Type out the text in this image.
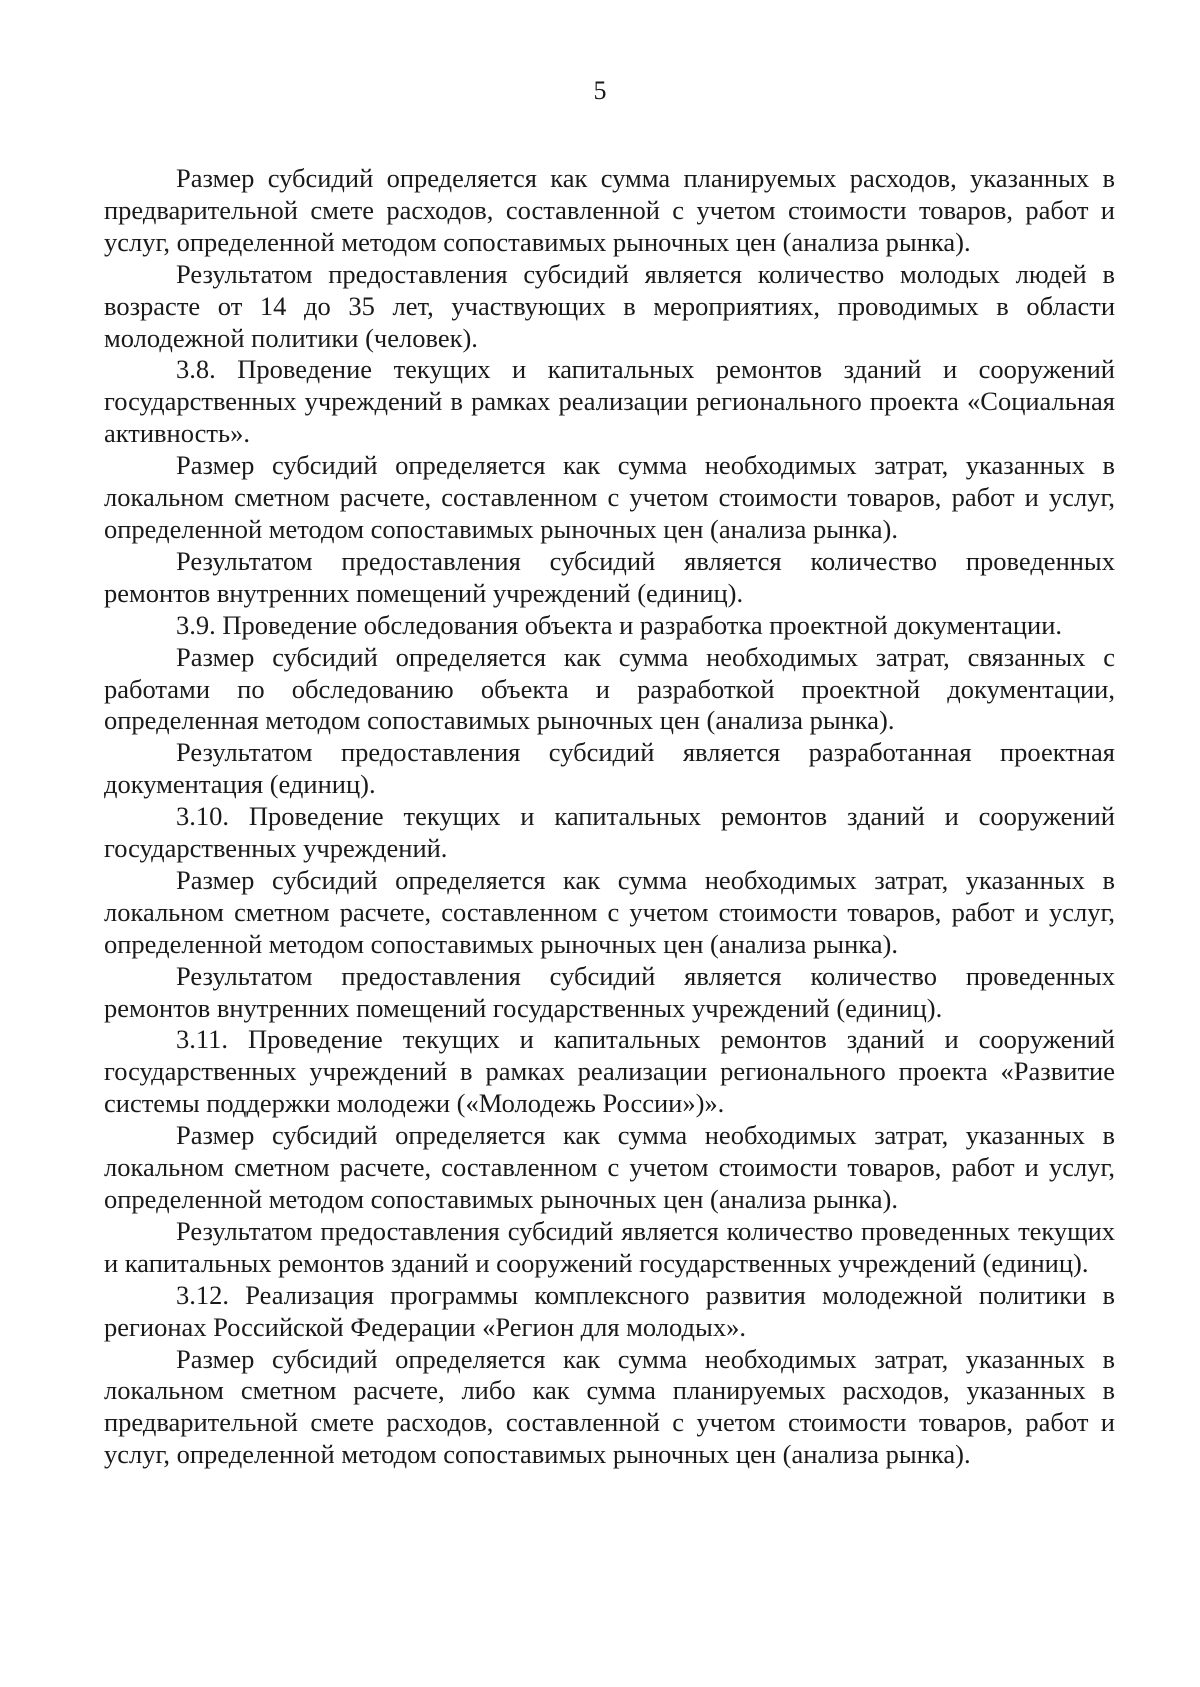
5

Размер субсидий определяется как сумма планируемых расходов, указанных в предварительной смете расходов, составленной с учетом стоимости товаров, работ и услуг, определенной методом сопоставимых рыночных цен (анализа рынка).

Результатом предоставления субсидий является количество молодых людей в возрасте от 14 до 35 лет, участвующих в мероприятиях, проводимых в области молодежной политики (человек).

3.8. Проведение текущих и капитальных ремонтов зданий и сооружений государственных учреждений в рамках реализации регионального проекта «Социальная активность».

Размер субсидий определяется как сумма необходимых затрат, указанных в локальном сметном расчете, составленном с учетом стоимости товаров, работ и услуг, определенной методом сопоставимых рыночных цен (анализа рынка).

Результатом предоставления субсидий является количество проведенных ремонтов внутренних помещений учреждений (единиц).

3.9. Проведение обследования объекта и разработка проектной документации.

Размер субсидий определяется как сумма необходимых затрат, связанных с работами по обследованию объекта и разработкой проектной документации, определенная методом сопоставимых рыночных цен (анализа рынка).

Результатом предоставления субсидий является разработанная проектная документация (единиц).

3.10. Проведение текущих и капитальных ремонтов зданий и сооружений государственных учреждений.

Размер субсидий определяется как сумма необходимых затрат, указанных в локальном сметном расчете, составленном с учетом стоимости товаров, работ и услуг, определенной методом сопоставимых рыночных цен (анализа рынка).

Результатом предоставления субсидий является количество проведенных ремонтов внутренних помещений государственных учреждений (единиц).

3.11. Проведение текущих и капитальных ремонтов зданий и сооружений государственных учреждений в рамках реализации регионального проекта «Развитие системы поддержки молодежи («Молодежь России»)».

Размер субсидий определяется как сумма необходимых затрат, указанных в локальном сметном расчете, составленном с учетом стоимости товаров, работ и услуг, определенной методом сопоставимых рыночных цен (анализа рынка).

Результатом предоставления субсидий является количество проведенных текущих и капитальных ремонтов зданий и сооружений государственных учреждений (единиц).

3.12. Реализация программы комплексного развития молодежной политики в регионах Российской Федерации «Регион для молодых».

Размер субсидий определяется как сумма необходимых затрат, указанных в локальном сметном расчете, либо как сумма планируемых расходов, указанных в предварительной смете расходов, составленной с учетом стоимости товаров, работ и услуг, определенной методом сопоставимых рыночных цен (анализа рынка).
